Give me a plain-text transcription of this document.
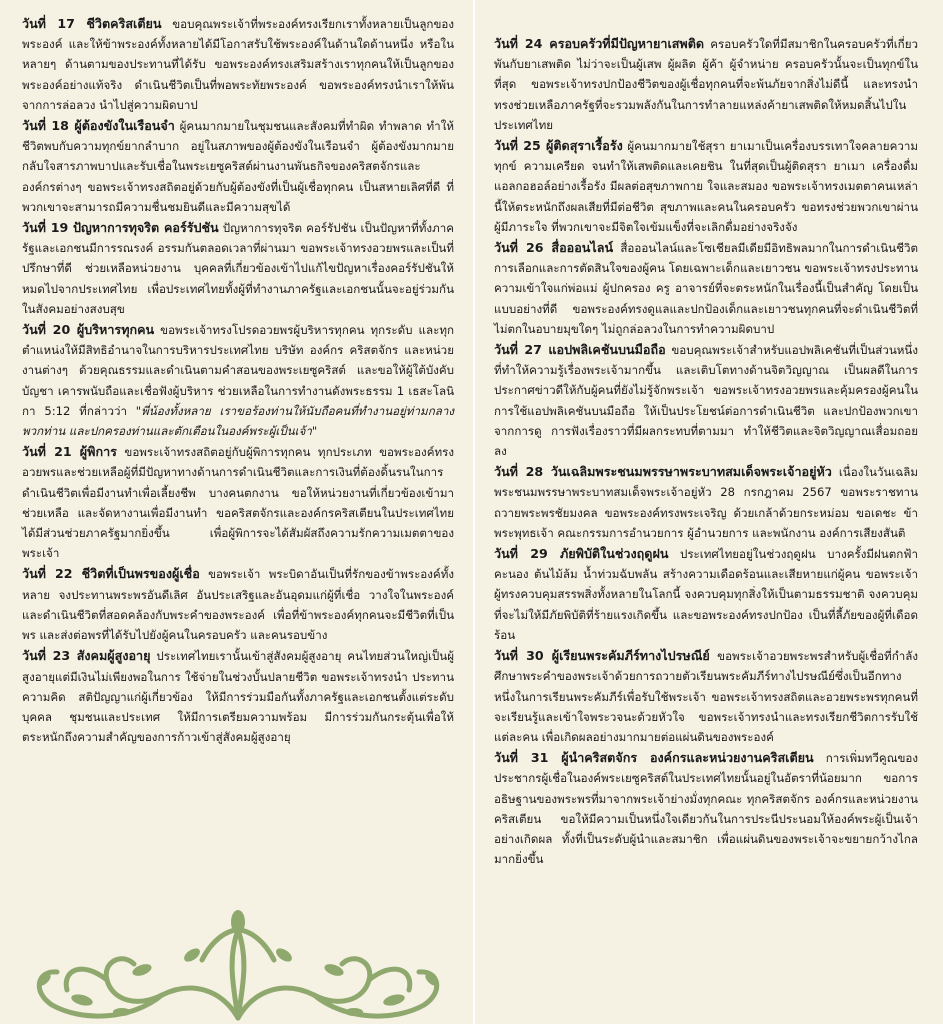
วันที่ 17 ชีวิตคริสเตียน ขอบคุณพระเจ้าที่พระองค์ทรงเรียกเราทั้งหลายเป็นลูกของพระองค์ และให้ข้าพระองค์ทั้งหลายได้มีโอกาสรับใช้พระองค์ในด้านใดด้านหนึ่ง หรือในหลายๆ ด้านตามของประทานที่ได้รับ ขอพระองค์ทรงเสริมสร้างเราทุกคนให้เป็นลูกของพระองค์อย่างแท้จริง ดำเนินชีวิตเป็นที่พอพระทัยพระองค์ ขอพระองค์ทรงนำเราให้พ้นจากการล่อลวง นำไปสู่ความผิดบาป

วันที่ 18 ผู้ต้องขังในเรือนจำ ผู้คนมากมายในชุมชนและสังคมที่ทำผิด ทำพลาด ทำให้ชีวิตพบกับความทุกข์ยากลำบาก อยู่ในสภาพของผู้ต้องขังในเรือนจำ ผู้ต้องขังมากมายกลับใจสารภาพบาปและรับเชื่อในพระเยซูคริสต์ผ่านงานพันธกิจของคริสตจักรและองค์กรต่างๆ ขอพระเจ้าทรงสถิตอยู่ด้วยกับผู้ต้องขังที่เป็นผู้เชื่อทุกคน เป็นสหายเลิศที่ดี ที่พวกเขาจะสามารถมีความชื่นชมยินดีและมีความสุขได้

วันที่ 19 ปัญหาการทุจริต คอร์รัปชัน ปัญหาการทุจริต คอร์รัปชัน เป็นปัญหาที่ทั้งภาครัฐและเอกชนมีการรณรงค์ อรรมกันตลอดเวลาที่ผ่านมา ขอพระเจ้าทรงอวยพรและเป็นที่ปรึกษาที่ดี ช่วยเหลือหน่วยงาน บุคคลที่เกี่ยวข้องเข้าไปแก้ไขปัญหาเรื่องคอร์รัปชันให้หมดไปจากประเทศไทย เพื่อประเทศไทยทั้งผู้ที่ทำงานภาครัฐและเอกชนนั้นจะอยู่ร่วมกันในสังคมอย่างสงบสุข

วันที่ 20 ผู้บริหารทุกคน ขอพระเจ้าทรงโปรดอวยพรผู้บริหารทุกคน ทุกระดับ และทุกตำแหน่งให้มีสิทธิอำนาจในการบริหารประเทศไทย บริษัท องค์กร คริสตจักร และหน่วยงานต่างๆ ด้วยคุณธรรมและดำเนินตามคำสอนของพระเยซูคริสต์ และขอให้ผู้ใต้บังคับบัญชา เคารพนับถือและเชื่อฟังผู้บริหาร ช่วยเหลือในการทำงานดังพระธรรม 1 เธสะโลนิกา 5:12 ที่กล่าวว่า "พี่น้องทั้งหลาย เราขอร้องท่านให้นับถือคนที่ทำงานอยู่ท่ามกลางพวกท่าน และปกครองท่านและตักเตือนในองค์พระผู้เป็นเจ้า"

วันที่ 21 ผู้พิการ ขอพระเจ้าทรงสถิตอยู่กับผู้พิการทุกคน ทุกประเภท ขอพระองค์ทรงอวยพรและช่วยเหลือผู้ที่มีปัญหาทางด้านการดำเนินชีวิตและการเงินที่ต้องดิ้นรนในการดำเนินชีวิตเพื่อมีงานทำเพื่อเลี้ยงชีพ บางคนตกงาน ขอให้หน่วยงานที่เกี่ยวข้องเข้ามาช่วยเหลือ และจัดหางานเพื่อมีงานทำ ขอคริสตจักรและองค์กรคริสเตียนในประเทศไทยได้มีส่วนช่วยภาครัฐมากยิ่งขึ้น เพื่อผู้พิการจะได้สัมผัสถึงความรักความเมตตาของพระเจ้า

วันที่ 22 ชีวิตที่เป็นพรของผู้เชื่อ ขอพระเจ้า พระบิดาอันเป็นที่รักของข้าพระองค์ทั้งหลาย จงประทานพระพรอันดีเลิศ อันประเสริฐและอันอุดมแก่ผู้ที่เชื่อ วางใจในพระองค์และดำเนินชีวิตที่สอดคล้องกับพระคำของพระองค์ เพื่อที่ข้าพระองค์ทุกคนจะมีชีวิตที่เป็นพร และส่งต่อพรที่ได้รับไปยังผู้คนในครอบครัว และคนรอบข้าง

วันที่ 23 สังคมผู้สูงอายุ ประเทศไทยเรานั้นเข้าสู่สังคมผู้สูงอายุ คนไทยส่วนใหญ่เป็นผู้สูงอายุแต่มีเงินไม่เพียงพอในการ ใช้จ่ายในช่วงบั้นปลายชีวิต ขอพระเจ้าทรงนำ ประทานความคิด สติปัญญาแก่ผู้เกี่ยวข้อง ให้มีการร่วมมือกันทั้งภาครัฐและเอกชนตั้งแต่ระดับบุคคล ชุมชนและประเทศ ให้มีการเตรียมความพร้อม มีการร่วมกันกระตุ้นเพื่อให้ตระหนักถึงความสำคัญของการก้าวเข้าสู่สังคมผู้สูงอายุ

วันที่ 24 ครอบครัวที่มีปัญหายาเสพติด ครอบครัวใดที่มีสมาชิกในครอบครัวที่เกี่ยวพันกับยาเสพติด ไม่ว่าจะเป็นผู้เสพ ผู้ผลิต ผู้ค้า ผู้จำหน่าย ครอบครัวนั้นจะเป็นทุกข์ในที่สุด ขอพระเจ้าทรงปกป้องชีวิตของผู้เชื่อทุกคนที่จะพ้นภัยจากสิ่งไม่ดีนี้ และทรงนำ ทรงช่วยเหลือภาครัฐที่จะรวมพลังกันในการทำลายแหล่งค้ายาเสพติดให้หมดสิ้นไปในประเทศไทย

วันที่ 25 ผู้ติดสุราเรื้อรัง ผู้คนมากมายใช้สุรา ยาเมาเป็นเครื่องบรรเทาใจคลายความทุกข์ ความเครียด จนทำให้เสพติดและเคยชิน ในที่สุดเป็นผู้ติดสุรา ยาเมา เครื่องดื่มแอลกอฮอล์อย่างเรื้อรัง มีผลต่อสุขภาพกาย ใจและสมอง ขอพระเจ้าทรงเมตตาคนเหล่านี้ให้ตระหนักถึงผลเสียที่มีต่อชีวิต สุขภาพและคนในครอบครัว ขอทรงช่วยพวกเขาผ่านผู้มีภาระใจ ที่พวกเขาจะมีจิตใจเข้มแข็งที่จะเลิกดื่มอย่างจริงจัง

วันที่ 26 สื่อออนไลน์ สื่อออนไลน์และโซเชียลมีเดียมีอิทธิพลมากในการดำเนินชีวิต การเลือกและการตัดสินใจของผู้คน โดยเฉพาะเด็กและเยาวชน ขอพระเจ้าทรงประทานความเข้าใจแก่พ่อแม่ ผู้ปกครอง ครู อาจารย์ที่จะตระหนักในเรื่องนี้เป็นสำคัญ โดยเป็นแบบอย่างที่ดี ขอพระองค์ทรงดูแลและปกป้องเด็กและเยาวชนทุกคนที่จะดำเนินชีวิตที่ไม่ตกในอบายมุขใดๆ ไม่ถูกล่อลวงในการทำความผิดบาป

วันที่ 27 แอปพลิเคชันบนมือถือ ขอบคุณพระเจ้าสำหรับแอปพลิเคชันที่เป็นส่วนหนึ่งที่ทำให้ความรู้เรื่องพระเจ้ามากขึ้น และเติบโตทางด้านจิตวิญญาณ เป็นผลดีในการประกาศข่าวดีให้กับผู้คนที่ยังไม่รู้จักพระเจ้า ขอพระเจ้าทรงอวยพรและคุ้มครองผู้คนในการใช้แอปพลิเคชันบนมือถือ ให้เป็นประโยชน์ต่อการดำเนินชีวิต และปกป้องพวกเขาจากการดู การฟังเรื่องราวที่มีผลกระทบที่ตามมา ทำให้ชีวิตและจิตวิญญาณเสื่อมถอยลง

วันที่ 28 วันเฉลิมพระชนมพรรษาพระบาทสมเด็จพระเจ้าอยู่หัว เนื่องในวันเฉลิมพระชนมพรรษาพระบาทสมเด็จพระเจ้าอยู่หัว 28 กรกฎาคม 2567 ขอพระราชทานถวายพระพรชัยมงคล ขอพระองค์ทรงพระเจริญ ด้วยเกล้าด้วยกระหม่อม ขอเดชะ ข้าพระพุทธเจ้า คณะกรรมการอำนวยการ ผู้อำนวยการ และพนักงาน องค์การเสียงสันติ

วันที่ 29 ภัยพิบัติในช่วงฤดูฝน ประเทศไทยอยู่ในช่วงฤดูฝน บางครั้งมีฝนตกฟ้าคะนอง ต้นไม้ล้ม น้ำท่วมฉับพลัน สร้างความเดือดร้อนและเสียหายแก่ผู้คน ขอพระเจ้าผู้ทรงควบคุมสรรพสิ่งทั้งหลายในโลกนี้ จงควบคุมทุกสิ่งให้เป็นตามธรรมชาติ จงควบคุมที่จะไม่ให้มีภัยพิบัติที่ร้ายแรงเกิดขึ้น และขอพระองค์ทรงปกป้อง เป็นที่ลี้ภัยของผู้ที่เดือดร้อน

วันที่ 30 ผู้เรียนพระคัมภีร์ทางไปรษณีย์ ขอพระเจ้าอวยพระพรสำหรับผู้เชื่อที่กำลังศึกษาพระคำของพระเจ้าด้วยการถวายตัวเรียนพระคัมภีร์ทางไปรษณีย์ซึ่งเป็นอีกทางหนึ่งในการเรียนพระคัมภีร์เพื่อรับใช้พระเจ้า ขอพระเจ้าทรงสถิตและอวยพระพรทุกคนที่จะเรียนรู้และเข้าใจพระวจนะด้วยหัวใจ ขอพระเจ้าทรงนำและทรงเรียกชีวิตการรับใช้แต่ละคน เพื่อเกิดผลอย่างมากมายต่อแผ่นดินของพระองค์

วันที่ 31 ผู้นำคริสตจักร องค์กรและหน่วยงานคริสเตียน การเพิ่มทวีคูณของประชากรผู้เชื่อในองค์พระเยซูคริสต์ในประเทศไทยนั้นอยู่ในอัตราที่น้อยมาก ขอการอธิษฐานของพระพรที่มาจากพระเจ้าย่างมั่งทุกคณะ ทุกคริสตจักร องค์กรและหน่วยงานคริสเตียน ขอให้มีความเป็นหนึ่งใจเดียวกันในการประนีประนอมให้องค์พระผู้เป็นเจ้าอย่างเกิดผล ทั้งที่เป็นระดับผู้นำและสมาชิก เพื่อแผ่นดินของพระเจ้าจะขยายกว้างไกลมากยิ่งขึ้น
